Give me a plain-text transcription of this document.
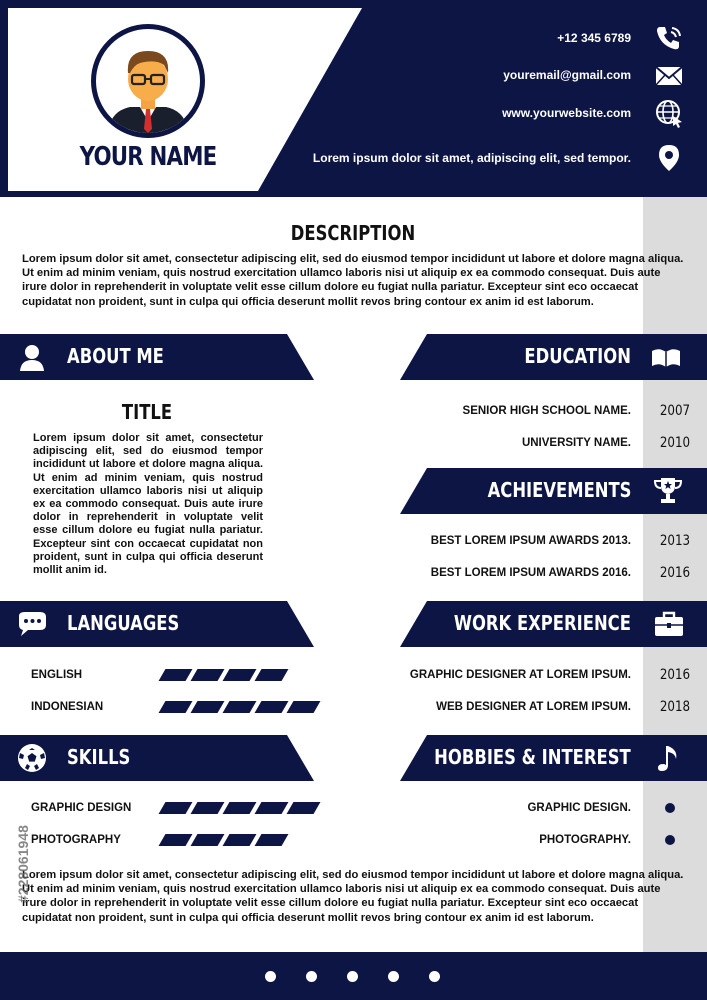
YOUR NAME
+12 345 6789
youremail@gmail.com
www.yourwebsite.com
Lorem ipsum dolor sit amet, adipiscing elit, sed tempor.
DESCRIPTION
Lorem ipsum dolor sit amet, consectetur adipiscing elit, sed do eiusmod tempor incididunt ut labore et dolore magna aliqua. Ut enim ad minim veniam, quis nostrud exercitation ullamco laboris nisi ut aliquip ex ea commodo consequat. Duis aute irure dolor in reprehenderit in voluptate velit esse cillum dolore eu fugiat nulla pariatur. Excepteur sint eco occaecat cupidatat non proident, sunt in culpa qui officia deserunt mollit revos bring contour ex anim id est laborum.
ABOUT ME	EDUCATION
TITLE
Lorem ipsum dolor sit amet, consectetur adipiscing elit, sed do eiusmod tempor incididunt ut labore et dolore magna aliqua. Ut enim ad minim veniam, quis nostrud exercitation ullamco laboris nisi ut aliquip ex ea commodo consequat. Duis aute irure dolor in reprehenderit in voluptate velit esse cillum dolore eu fugiat nulla pariatur. Excepteur sint con occaecat cupidatat non proident, sunt in culpa qui officia deserunt mollit anim id.
SENIOR HIGH SCHOOL NAME.	2007
UNIVERSITY NAME.	2010
ACHIEVEMENTS
BEST LOREM IPSUM AWARDS 2013.	2013
BEST LOREM IPSUM AWARDS 2016.	2016
LANGUAGES
ENGLISH
INDONESIAN
WORK EXPERIENCE
GRAPHIC DESIGNER AT LOREM IPSUM.	2016
WEB DESIGNER AT LOREM IPSUM.	2018
SKILLS
GRAPHIC DESIGN
PHOTOGRAPHY
HOBBIES & INTEREST
GRAPHIC DESIGN.
PHOTOGRAPHY.
Lorem ipsum dolor sit amet, consectetur adipiscing elit, sed do eiusmod tempor incididunt ut labore et dolore magna aliqua. Ut enim ad minim veniam, quis nostrud exercitation ullamco laboris nisi ut aliquip ex ea commodo consequat. Duis aute irure dolor in reprehenderit in voluptate velit esse cillum dolore eu fugiat nulla pariatur. Excepteur sint eco occaecat cupidatat non proident, sunt in culpa qui officia deserunt mollit revos bring contour ex anim id est laborum.
#228061948
